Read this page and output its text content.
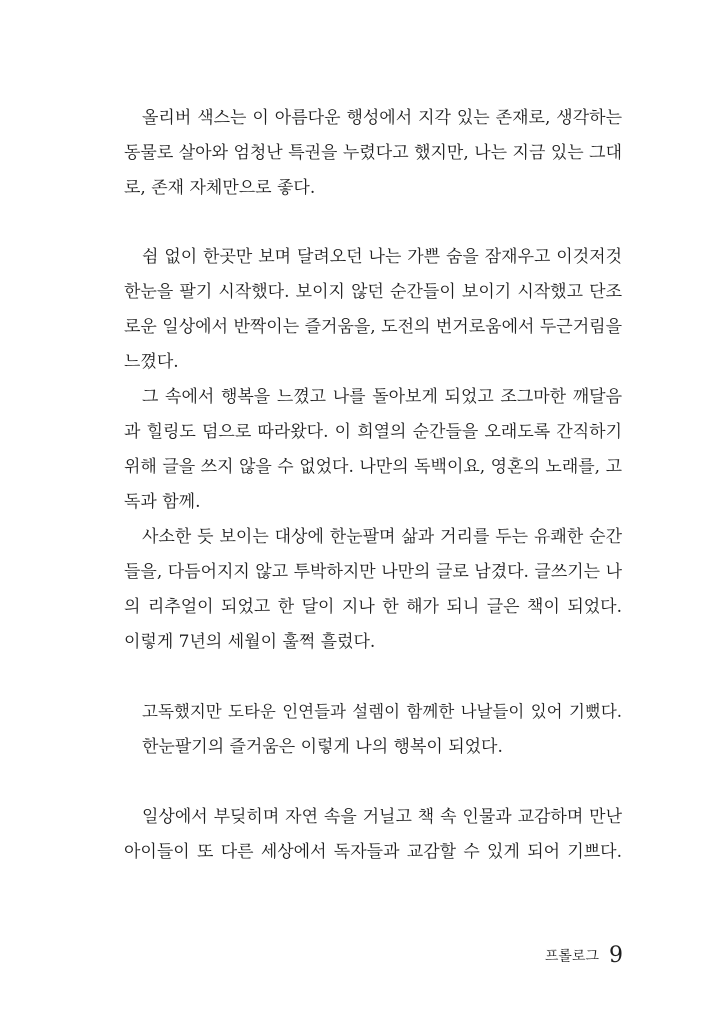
올리버 색스는 이 아름다운 행성에서 지각 있는 존재로, 생각하는
동물로 살아와 엄청난 특권을 누렸다고 했지만, 나는 지금 있는 그대
로, 존재 자체만으로 좋다.
쉼 없이 한곳만 보며 달려오던 나는 가쁜 숨을 잠재우고 이것저것
한눈을 팔기 시작했다. 보이지 않던 순간들이 보이기 시작했고 단조
로운 일상에서 반짝이는 즐거움을, 도전의 번거로움에서 두근거림을
느꼈다.
그 속에서 행복을 느꼈고 나를 돌아보게 되었고 조그마한 깨달음
과 힐링도 덤으로 따라왔다. 이 희열의 순간들을 오래도록 간직하기
위해 글을 쓰지 않을 수 없었다. 나만의 독백이요, 영혼의 노래를, 고
독과 함께.
사소한 듯 보이는 대상에 한눈팔며 삶과 거리를 두는 유쾌한 순간
들을, 다듬어지지 않고 투박하지만 나만의 글로 남겼다. 글쓰기는 나
의 리추얼이 되었고 한 달이 지나 한 해가 되니 글은 책이 되었다.
이렇게 7년의 세월이 훌쩍 흘렀다.
고독했지만 도타운 인연들과 설렘이 함께한 나날들이 있어 기뻤다.
한눈팔기의 즐거움은 이렇게 나의 행복이 되었다.
일상에서 부딪히며 자연 속을 거닐고 책 속 인물과 교감하며 만난
아이들이 또 다른 세상에서 독자들과 교감할 수 있게 되어 기쁘다.
프롤로그 9
